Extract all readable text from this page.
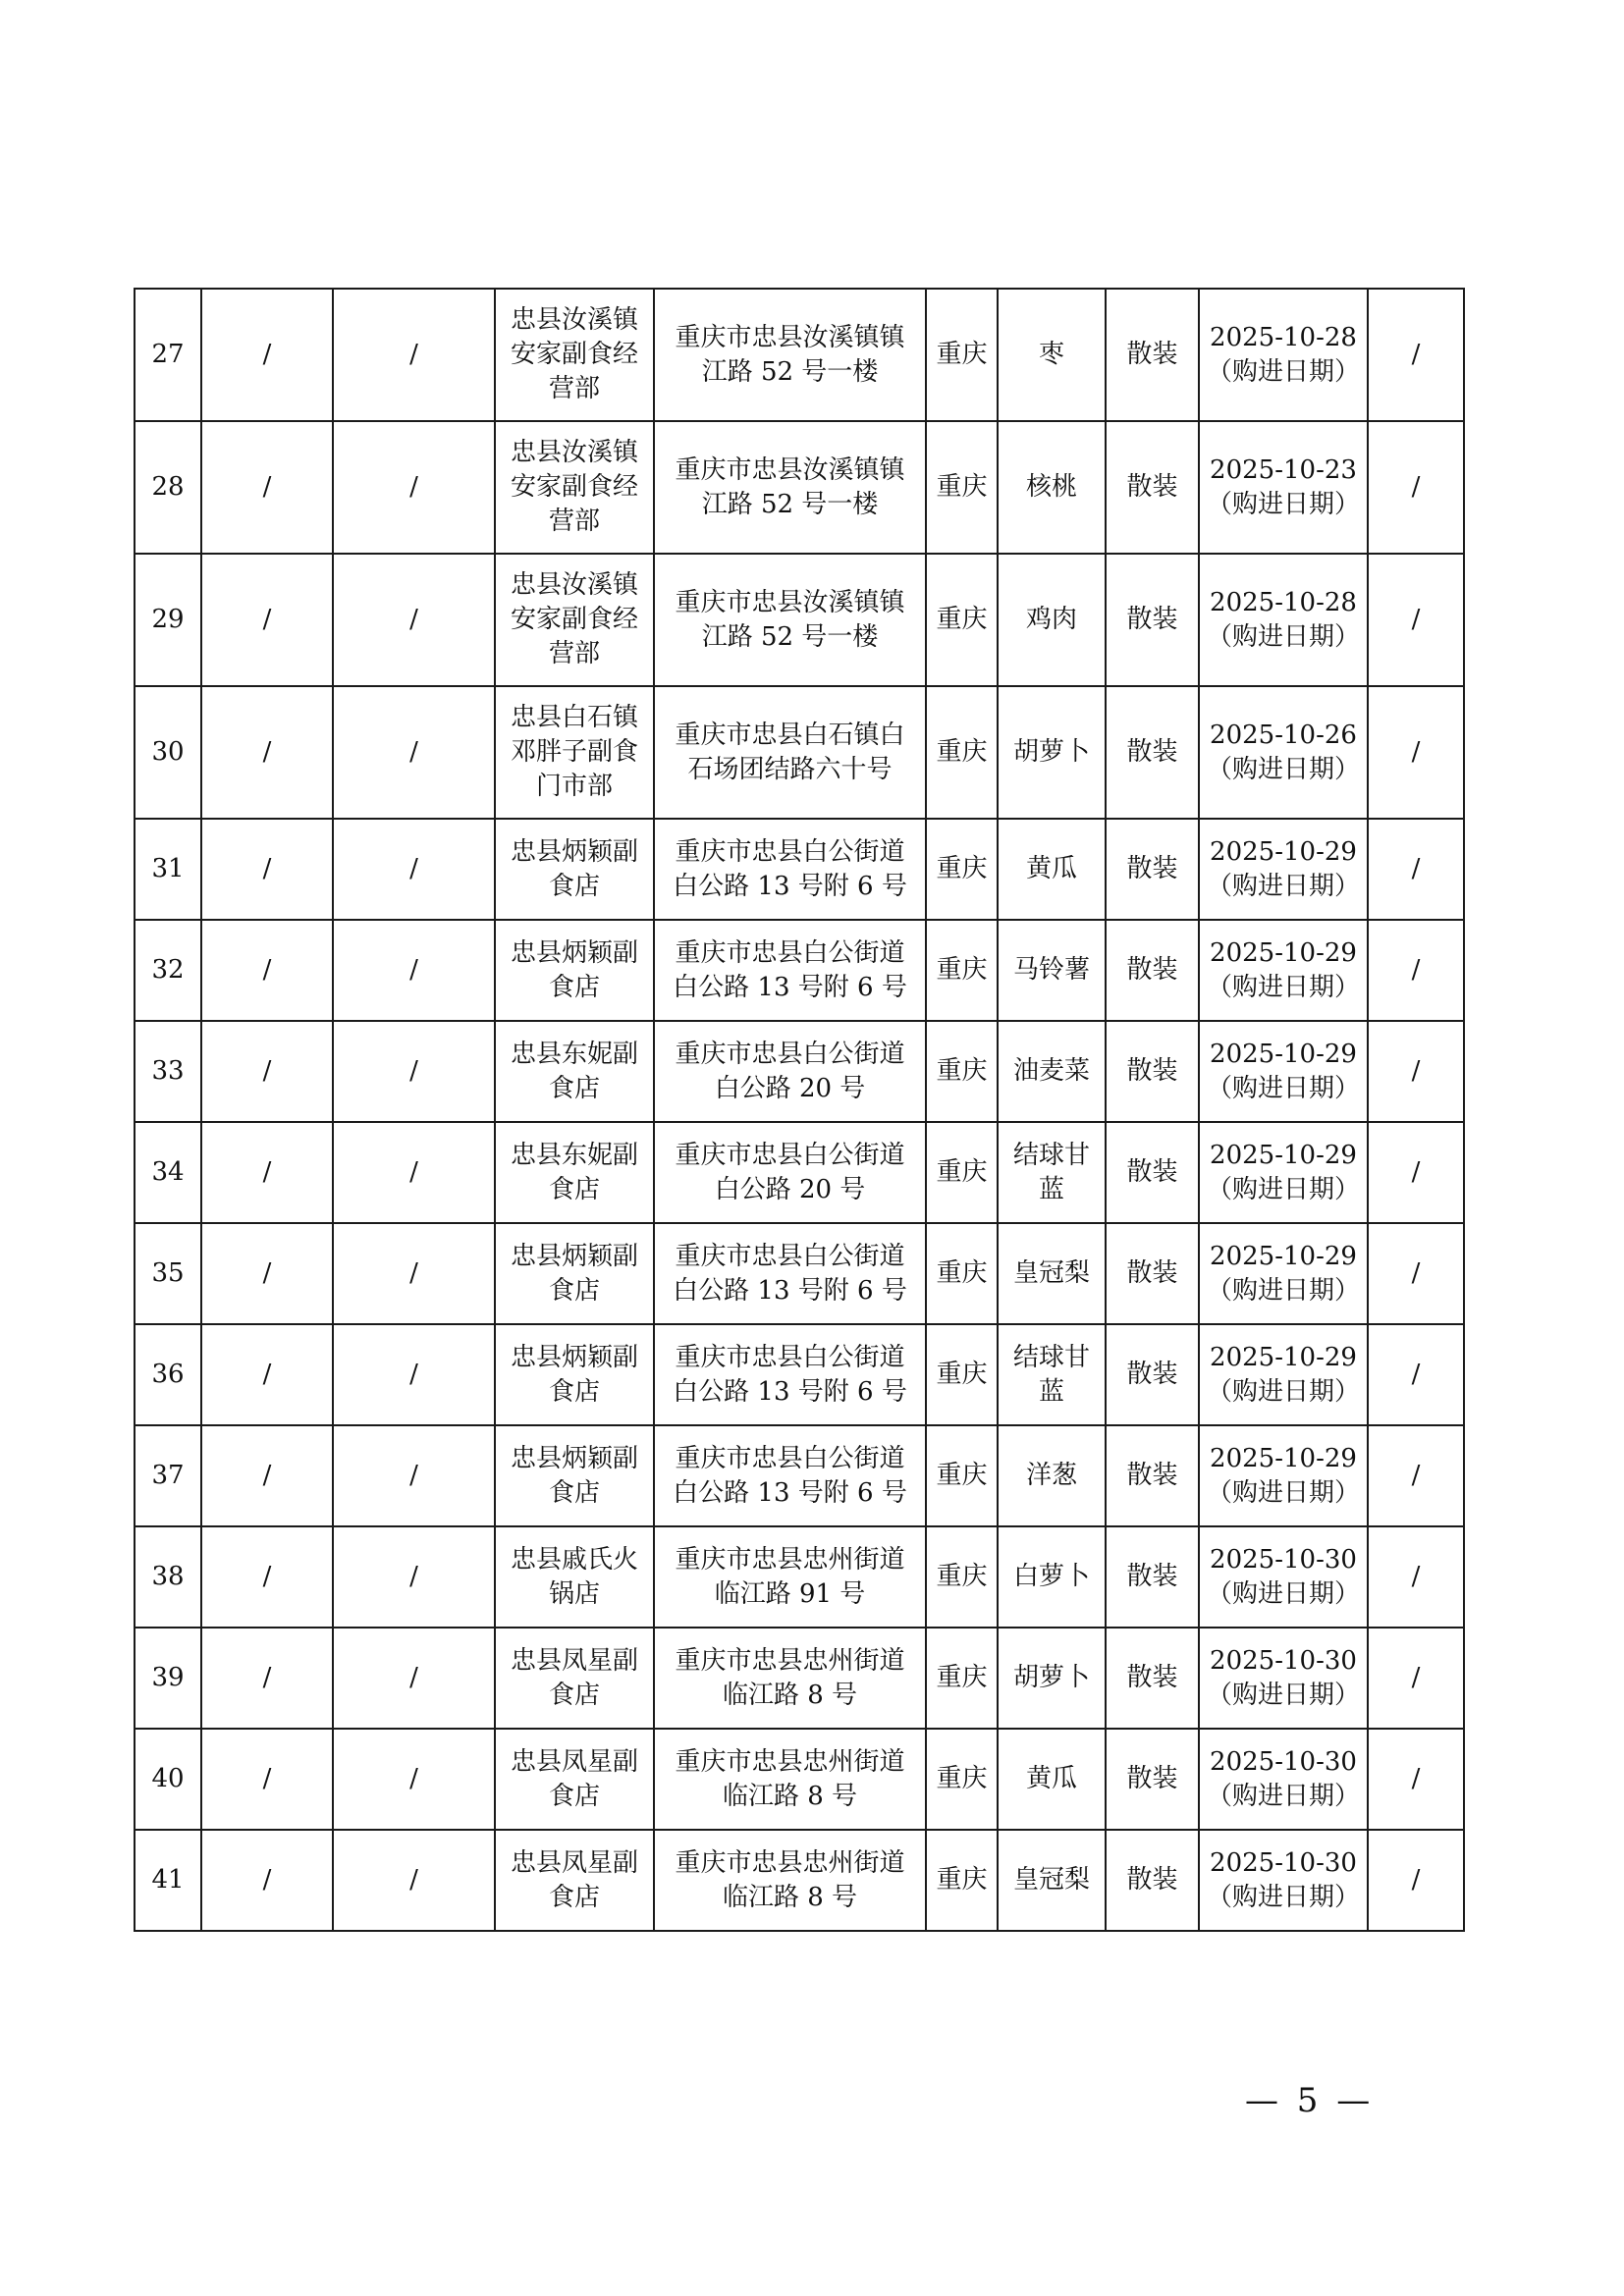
27	/	/	忠县汝溪镇
安家副食经
营部	重庆市忠县汝溪镇镇
江路 52 号一楼	重庆	枣	散装	2025-10-28
（购进日期）	/
28	/	/	忠县汝溪镇
安家副食经
营部	重庆市忠县汝溪镇镇
江路 52 号一楼	重庆	核桃	散装	2025-10-23
（购进日期）	/
29	/	/	忠县汝溪镇
安家副食经
营部	重庆市忠县汝溪镇镇
江路 52 号一楼	重庆	鸡肉	散装	2025-10-28
（购进日期）	/
30	/	/	忠县白石镇
邓胖子副食
门市部	重庆市忠县白石镇白
石场团结路六十号	重庆	胡萝卜	散装	2025-10-26
（购进日期）	/
31	/	/	忠县炳颖副
食店	重庆市忠县白公街道
白公路 13 号附 6 号	重庆	黄瓜	散装	2025-10-29
（购进日期）	/
32	/	/	忠县炳颖副
食店	重庆市忠县白公街道
白公路 13 号附 6 号	重庆	马铃薯	散装	2025-10-29
（购进日期）	/
33	/	/	忠县东妮副
食店	重庆市忠县白公街道
白公路 20 号	重庆	油麦菜	散装	2025-10-29
（购进日期）	/
34	/	/	忠县东妮副
食店	重庆市忠县白公街道
白公路 20 号	重庆	结球甘
蓝	散装	2025-10-29
（购进日期）	/
35	/	/	忠县炳颖副
食店	重庆市忠县白公街道
白公路 13 号附 6 号	重庆	皇冠梨	散装	2025-10-29
（购进日期）	/
36	/	/	忠县炳颖副
食店	重庆市忠县白公街道
白公路 13 号附 6 号	重庆	结球甘
蓝	散装	2025-10-29
（购进日期）	/
37	/	/	忠县炳颖副
食店	重庆市忠县白公街道
白公路 13 号附 6 号	重庆	洋葱	散装	2025-10-29
（购进日期）	/
38	/	/	忠县戚氏火
锅店	重庆市忠县忠州街道
临江路 91 号	重庆	白萝卜	散装	2025-10-30
（购进日期）	/
39	/	/	忠县凤星副
食店	重庆市忠县忠州街道
临江路 8 号	重庆	胡萝卜	散装	2025-10-30
（购进日期）	/
40	/	/	忠县凤星副
食店	重庆市忠县忠州街道
临江路 8 号	重庆	黄瓜	散装	2025-10-30
（购进日期）	/
41	/	/	忠县凤星副
食店	重庆市忠县忠州街道
临江路 8 号	重庆	皇冠梨	散装	2025-10-30
（购进日期）	/
— 5 —
